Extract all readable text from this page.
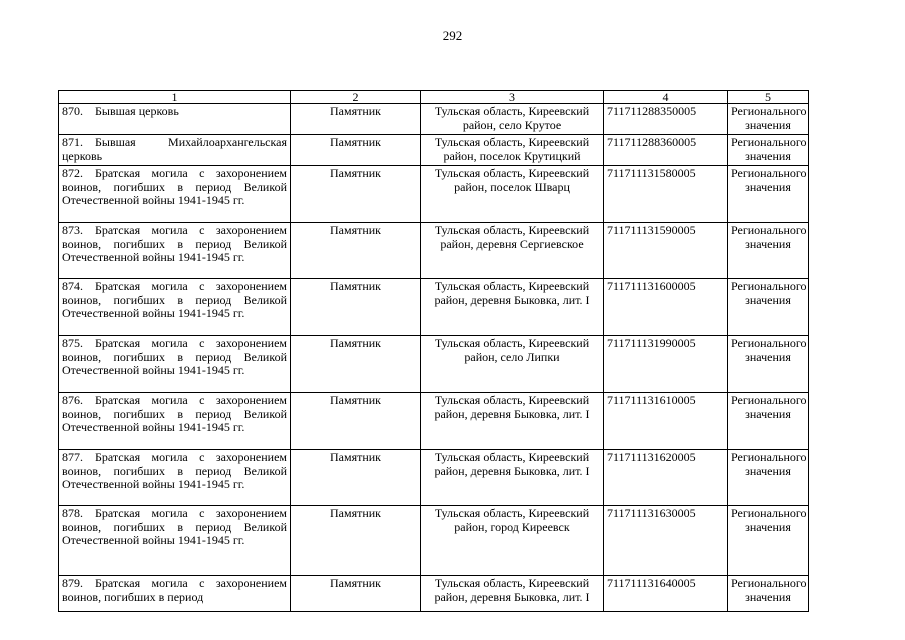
292
1	2	3	4	5
870. Бывшая церковь	Памятник	Тульская область, Киреевский район, село Крутое	711711288350005	Регионального значения
871. Бывшая Михайлоархангельская церковь	Памятник	Тульская область, Киреевский район, поселок Крутицкий	711711288360005	Регионального значения
872. Братская могила с захоронением воинов, погибших в период Великой Отечественной войны 1941-1945 гг.	Памятник	Тульская область, Киреевский район, поселок Шварц	711711131580005	Регионального значения
873. Братская могила с захоронением воинов, погибших в период Великой Отечественной войны 1941-1945 гг.	Памятник	Тульская область, Киреевский район, деревня Сергиевское	711711131590005	Регионального значения
874. Братская могила с захоронением воинов, погибших в период Великой Отечественной войны 1941-1945 гг.	Памятник	Тульская область, Киреевский район, деревня Быковка, лит. I	711711131600005	Регионального значения
875. Братская могила с захоронением воинов, погибших в период Великой Отечественной войны 1941-1945 гг.	Памятник	Тульская область, Киреевский район, село Липки	711711131990005	Регионального значения
876. Братская могила с захоронением воинов, погибших в период Великой Отечественной войны 1941-1945 гг.	Памятник	Тульская область, Киреевский район, деревня Быковка, лит. I	711711131610005	Регионального значения
877. Братская могила с захоронением воинов, погибших в период Великой Отечественной войны 1941-1945 гг.	Памятник	Тульская область, Киреевский район, деревня Быковка, лит. I	711711131620005	Регионального значения
878. Братская могила с захоронением воинов, погибших в период Великой Отечественной войны 1941-1945 гг.	Памятник	Тульская область, Киреевский район, город Киреевск	711711131630005	Регионального значения
879. Братская могила с захоронением воинов, погибших в период	Памятник	Тульская область, Киреевский район, деревня Быковка, лит. I	711711131640005	Регионального значения
